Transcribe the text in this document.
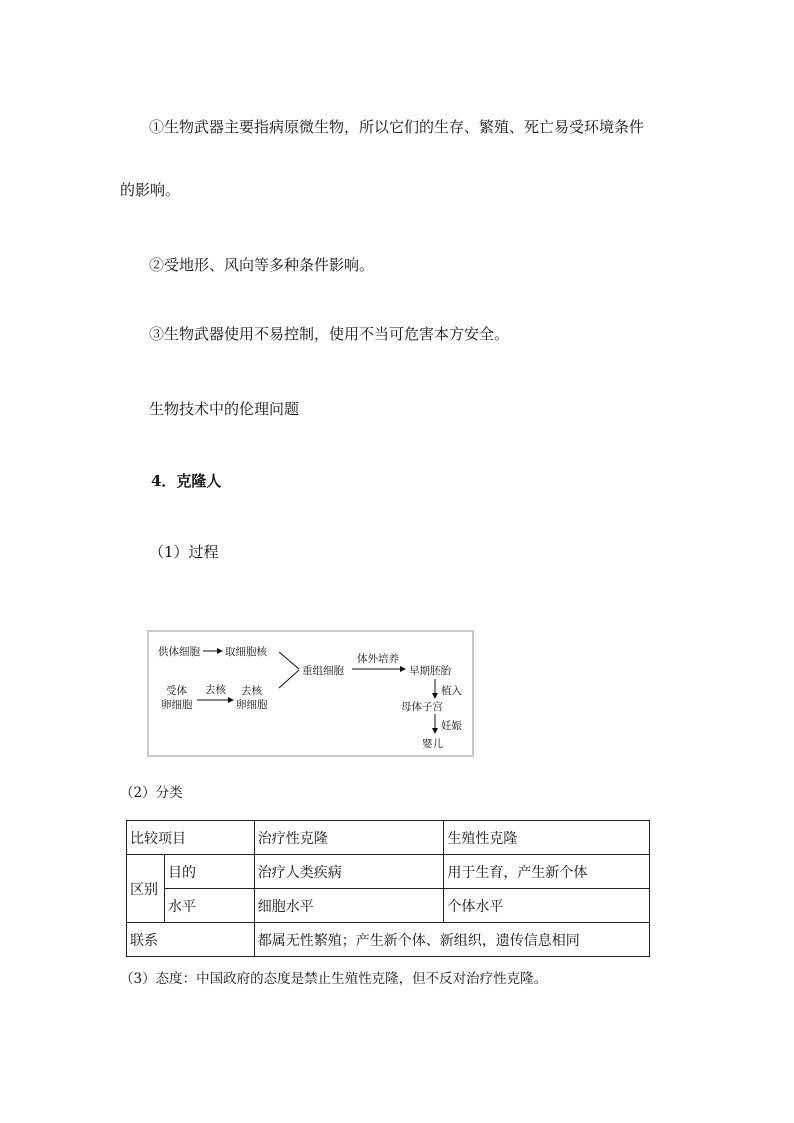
①生物武器主要指病原微生物，所以它们的生存、繁殖、死亡易受环境条件
的影响。
②受地形、风向等多种条件影响。
③生物武器使用不易控制，使用不当可危害本方安全。
生物技术中的伦理问题
4．克隆人
（1）过程
供体细胞 取细胞核
受体
卵细胞
去核 去核
卵细胞
重组细胞
体外培养
早期胚胎
植入
母体子宫
妊娠
婴儿
（2）分类
比较项目		治疗性克隆	生殖性克隆
区别	目的	治疗人类疾病	用于生育，产生新个体
	水平	细胞水平	个体水平
联系		都属无性繁殖；产生新个体、新组织，遗传信息相同	
（3）态度：中国政府的态度是禁止生殖性克隆，但不反对治疗性克隆。
